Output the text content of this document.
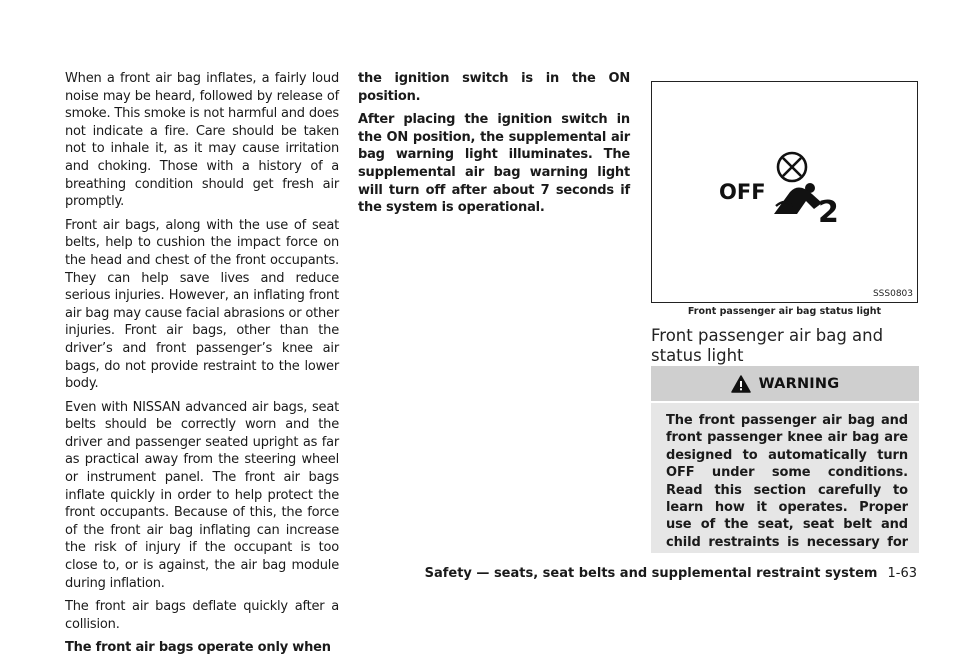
When a front air bag inflates, a fairly loud noise may be heard, followed by release of smoke. This smoke is not harmful and does not indicate a fire. Care should be taken not to inhale it, as it may cause irritation and choking. Those with a history of a breathing condition should get fresh air promptly.

Front air bags, along with the use of seat belts, help to cushion the impact force on the head and chest of the front occupants. They can help save lives and reduce serious injuries. However, an inflating front air bag may cause facial abrasions or other injuries. Front air bags, other than the driver’s and front passenger’s knee air bags, do not provide restraint to the lower body.

Even with NISSAN advanced air bags, seat belts should be correctly worn and the driver and passenger seated upright as far as practical away from the steering wheel or instrument panel. The front air bags inflate quickly in order to help protect the front occupants. Because of this, the force of the front air bag inflating can increase the risk of injury if the occupant is too close to, or is against, the air bag module during inflation.

The front air bags deflate quickly after a collision.

The front air bags operate only when

the ignition switch is in the ON position.

After placing the ignition switch in the ON position, the supplemental air bag warning light illuminates. The supplemental air bag warning light will turn off after about 7 seconds if the system is operational.

OFF
2
SSS0803
Front passenger air bag status light
Front passenger air bag and status light
WARNING

The front passenger air bag and front passenger knee air bag are designed to automatically turn OFF under some conditions. Read this section carefully to learn how it operates. Proper use of the seat, seat belt and child restraints is necessary for

Safety — seats, seat belts and supplemental restraint system 1-63
